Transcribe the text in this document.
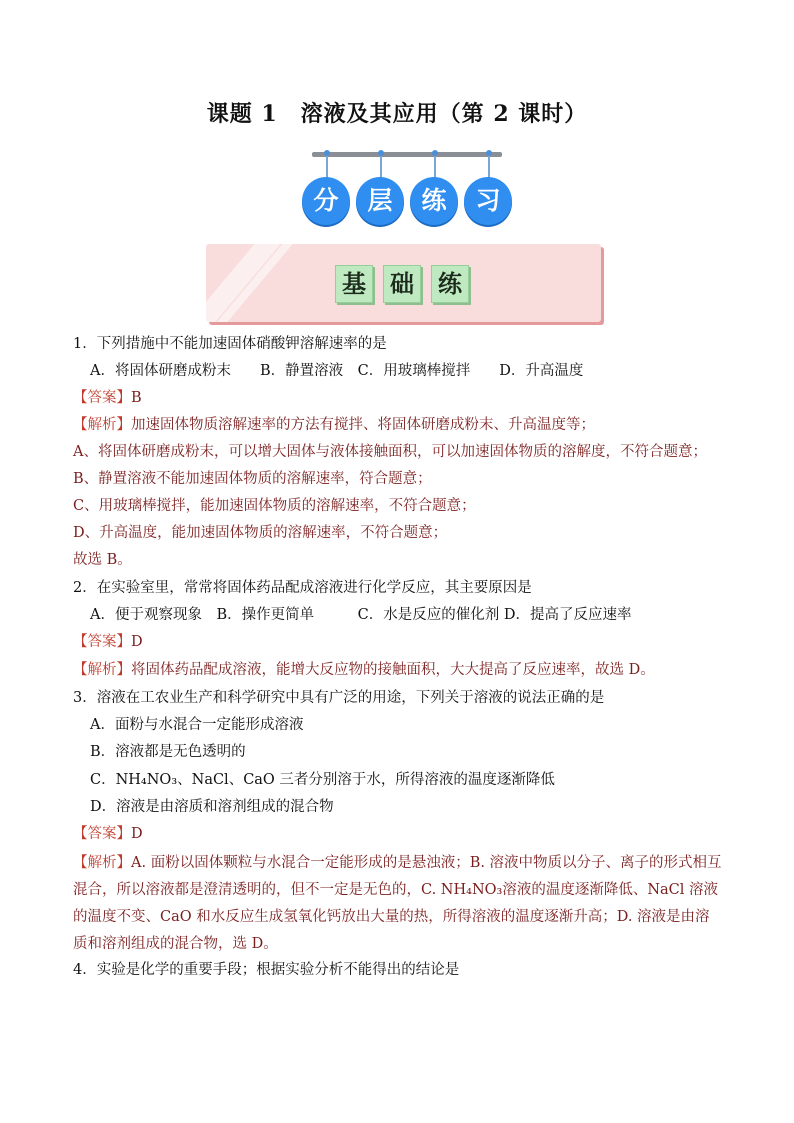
课题 1　溶液及其应用（第 2 课时）
分	层	练	习
基 础 练
1．下列措施中不能加速固体硝酸钾溶解速率的是
A．将固体研磨成粉末　　B．静置溶液　C．用玻璃棒搅拌　　D．升高温度
【答案】B
【解析】加速固体物质溶解速率的方法有搅拌、将固体研磨成粉末、升高温度等；
A、将固体研磨成粉末，可以增大固体与液体接触面积，可以加速固体物质的溶解度，不符合题意；
B、静置溶液不能加速固体物质的溶解速率，符合题意；
C、用玻璃棒搅拌，能加速固体物质的溶解速率，不符合题意；
D、升高温度，能加速固体物质的溶解速率，不符合题意；
故选 B。
2．在实验室里，常常将固体药品配成溶液进行化学反应，其主要原因是
A．便于观察现象　B．操作更简单　　　C．水是反应的催化剂 D．提高了反应速率
【答案】D
【解析】将固体药品配成溶液，能增大反应物的接触面积，大大提高了反应速率，故选 D。
3．溶液在工农业生产和科学研究中具有广泛的用途，下列关于溶液的说法正确的是
A．面粉与水混合一定能形成溶液
B．溶液都是无色透明的
C．NH₄NO₃、NaCl、CaO 三者分别溶于水，所得溶液的温度逐渐降低
D．溶液是由溶质和溶剂组成的混合物
【答案】D
【解析】A. 面粉以固体颗粒与水混合一定能形成的是悬浊液；B. 溶液中物质以分子、离子的形式相互混合，所以溶液都是澄清透明的，但不一定是无色的，C. NH₄NO₃溶液的温度逐渐降低、NaCl 溶液的温度不变、CaO 和水反应生成氢氧化钙放出大量的热，所得溶液的温度逐渐升高；D. 溶液是由溶质和溶剂组成的混合物，选 D。
4．实验是化学的重要手段；根据实验分析不能得出的结论是
